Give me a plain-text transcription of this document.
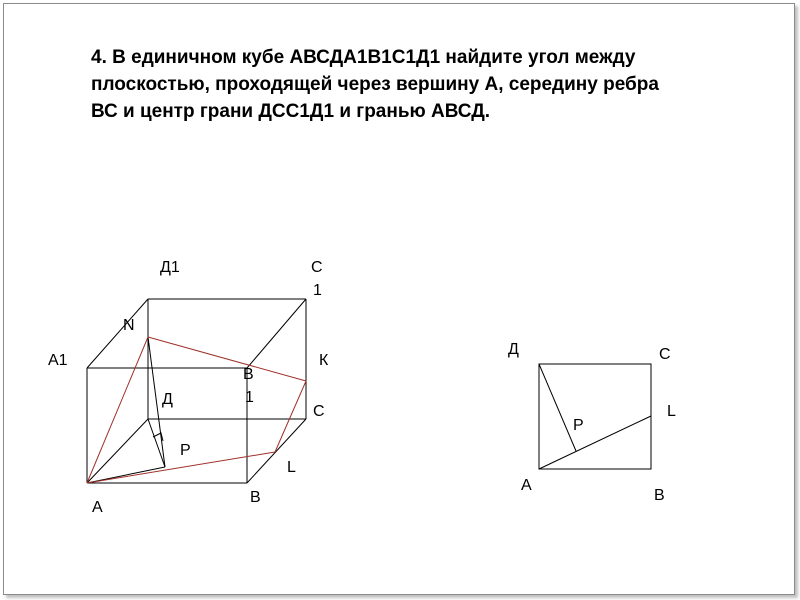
4. В единичном кубе АВСДА1В1С1Д1 найдите угол между
плоскостью, проходящей через вершину А, середину ребра
ВС и центр грани ДСС1Д1 и гранью АВСД.

Д1	С
1
N
А1	К
В
1
Д
С
Р
L
А
В
Д	С
Р
L
А
В
